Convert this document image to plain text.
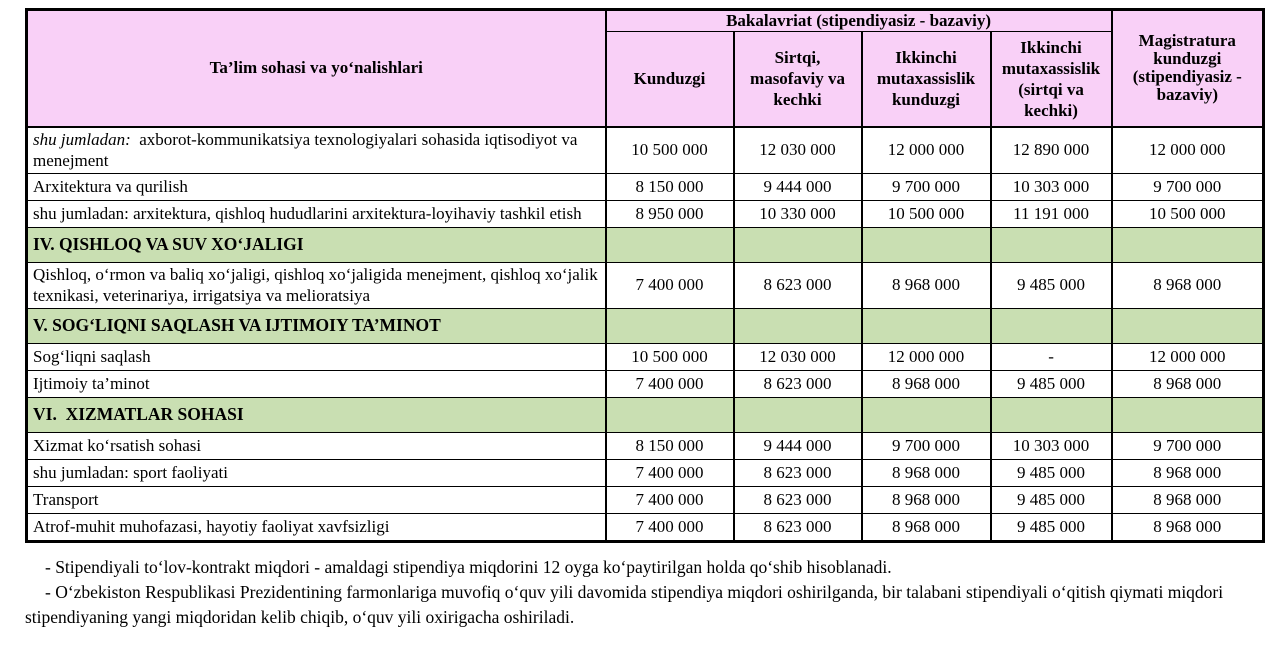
Ta’lim sohasi va yoʻnalishlari	Bakalavriat (stipendiyasiz - bazaviy)				Magistratura kunduzgi (stipendiyasiz - bazaviy)
	Kunduzgi	Sirtqi, masofaviy va kechki	Ikkinchi mutaxassislik kunduzgi	Ikkinchi mutaxassislik (sirtqi va kechki)	
shu jumladan:  axborot-kommunikatsiya texnologiyalari sohasida iqtisodiyot va menejment	10 500 000	12 030 000	12 000 000	12 890 000	12 000 000
Arxitektura va qurilish	8 150 000	9 444 000	9 700 000	10 303 000	9 700 000
shu jumladan: arxitektura, qishloq hududlarini arxitektura-loyihaviy tashkil etish	8 950 000	10 330 000	10 500 000	11 191 000	10 500 000
IV. QISHLOQ VA SUV XOʻJALIGI					
Qishloq, oʻrmon va baliq xoʻjaligi, qishloq xoʻjaligida menejment, qishloq xoʻjalik texnikasi, veterinariya, irrigatsiya va melioratsiya	7 400 000	8 623 000	8 968 000	9 485 000	8 968 000
V. SOGʻLIQNI SAQLASH VA IJTIMOIY TA’MINOT					
Sogʻliqni saqlash	10 500 000	12 030 000	12 000 000	-	12 000 000
Ijtimoiy ta’minot	7 400 000	8 623 000	8 968 000	9 485 000	8 968 000
VI.  XIZMATLAR SOHASI					
Xizmat koʻrsatish sohasi	8 150 000	9 444 000	9 700 000	10 303 000	9 700 000
shu jumladan: sport faoliyati	7 400 000	8 623 000	8 968 000	9 485 000	8 968 000
Transport	7 400 000	8 623 000	8 968 000	9 485 000	8 968 000
Atrof-muhit muhofazasi, hayotiy faoliyat xavfsizligi	7 400 000	8 623 000	8 968 000	9 485 000	8 968 000

- Stipendiyali toʻlov-kontrakt miqdori - amaldagi stipendiya miqdorini 12 oyga koʻpaytirilgan holda qoʻshib hisoblanadi.

- Oʻzbekiston Respublikasi Prezidentining farmonlariga muvofiq oʻquv yili davomida stipendiya miqdori oshirilganda, bir talabani stipendiyali oʻqitish qiymati miqdori stipendiyaning yangi miqdoridan kelib chiqib, oʻquv yili oxirigacha oshiriladi.
